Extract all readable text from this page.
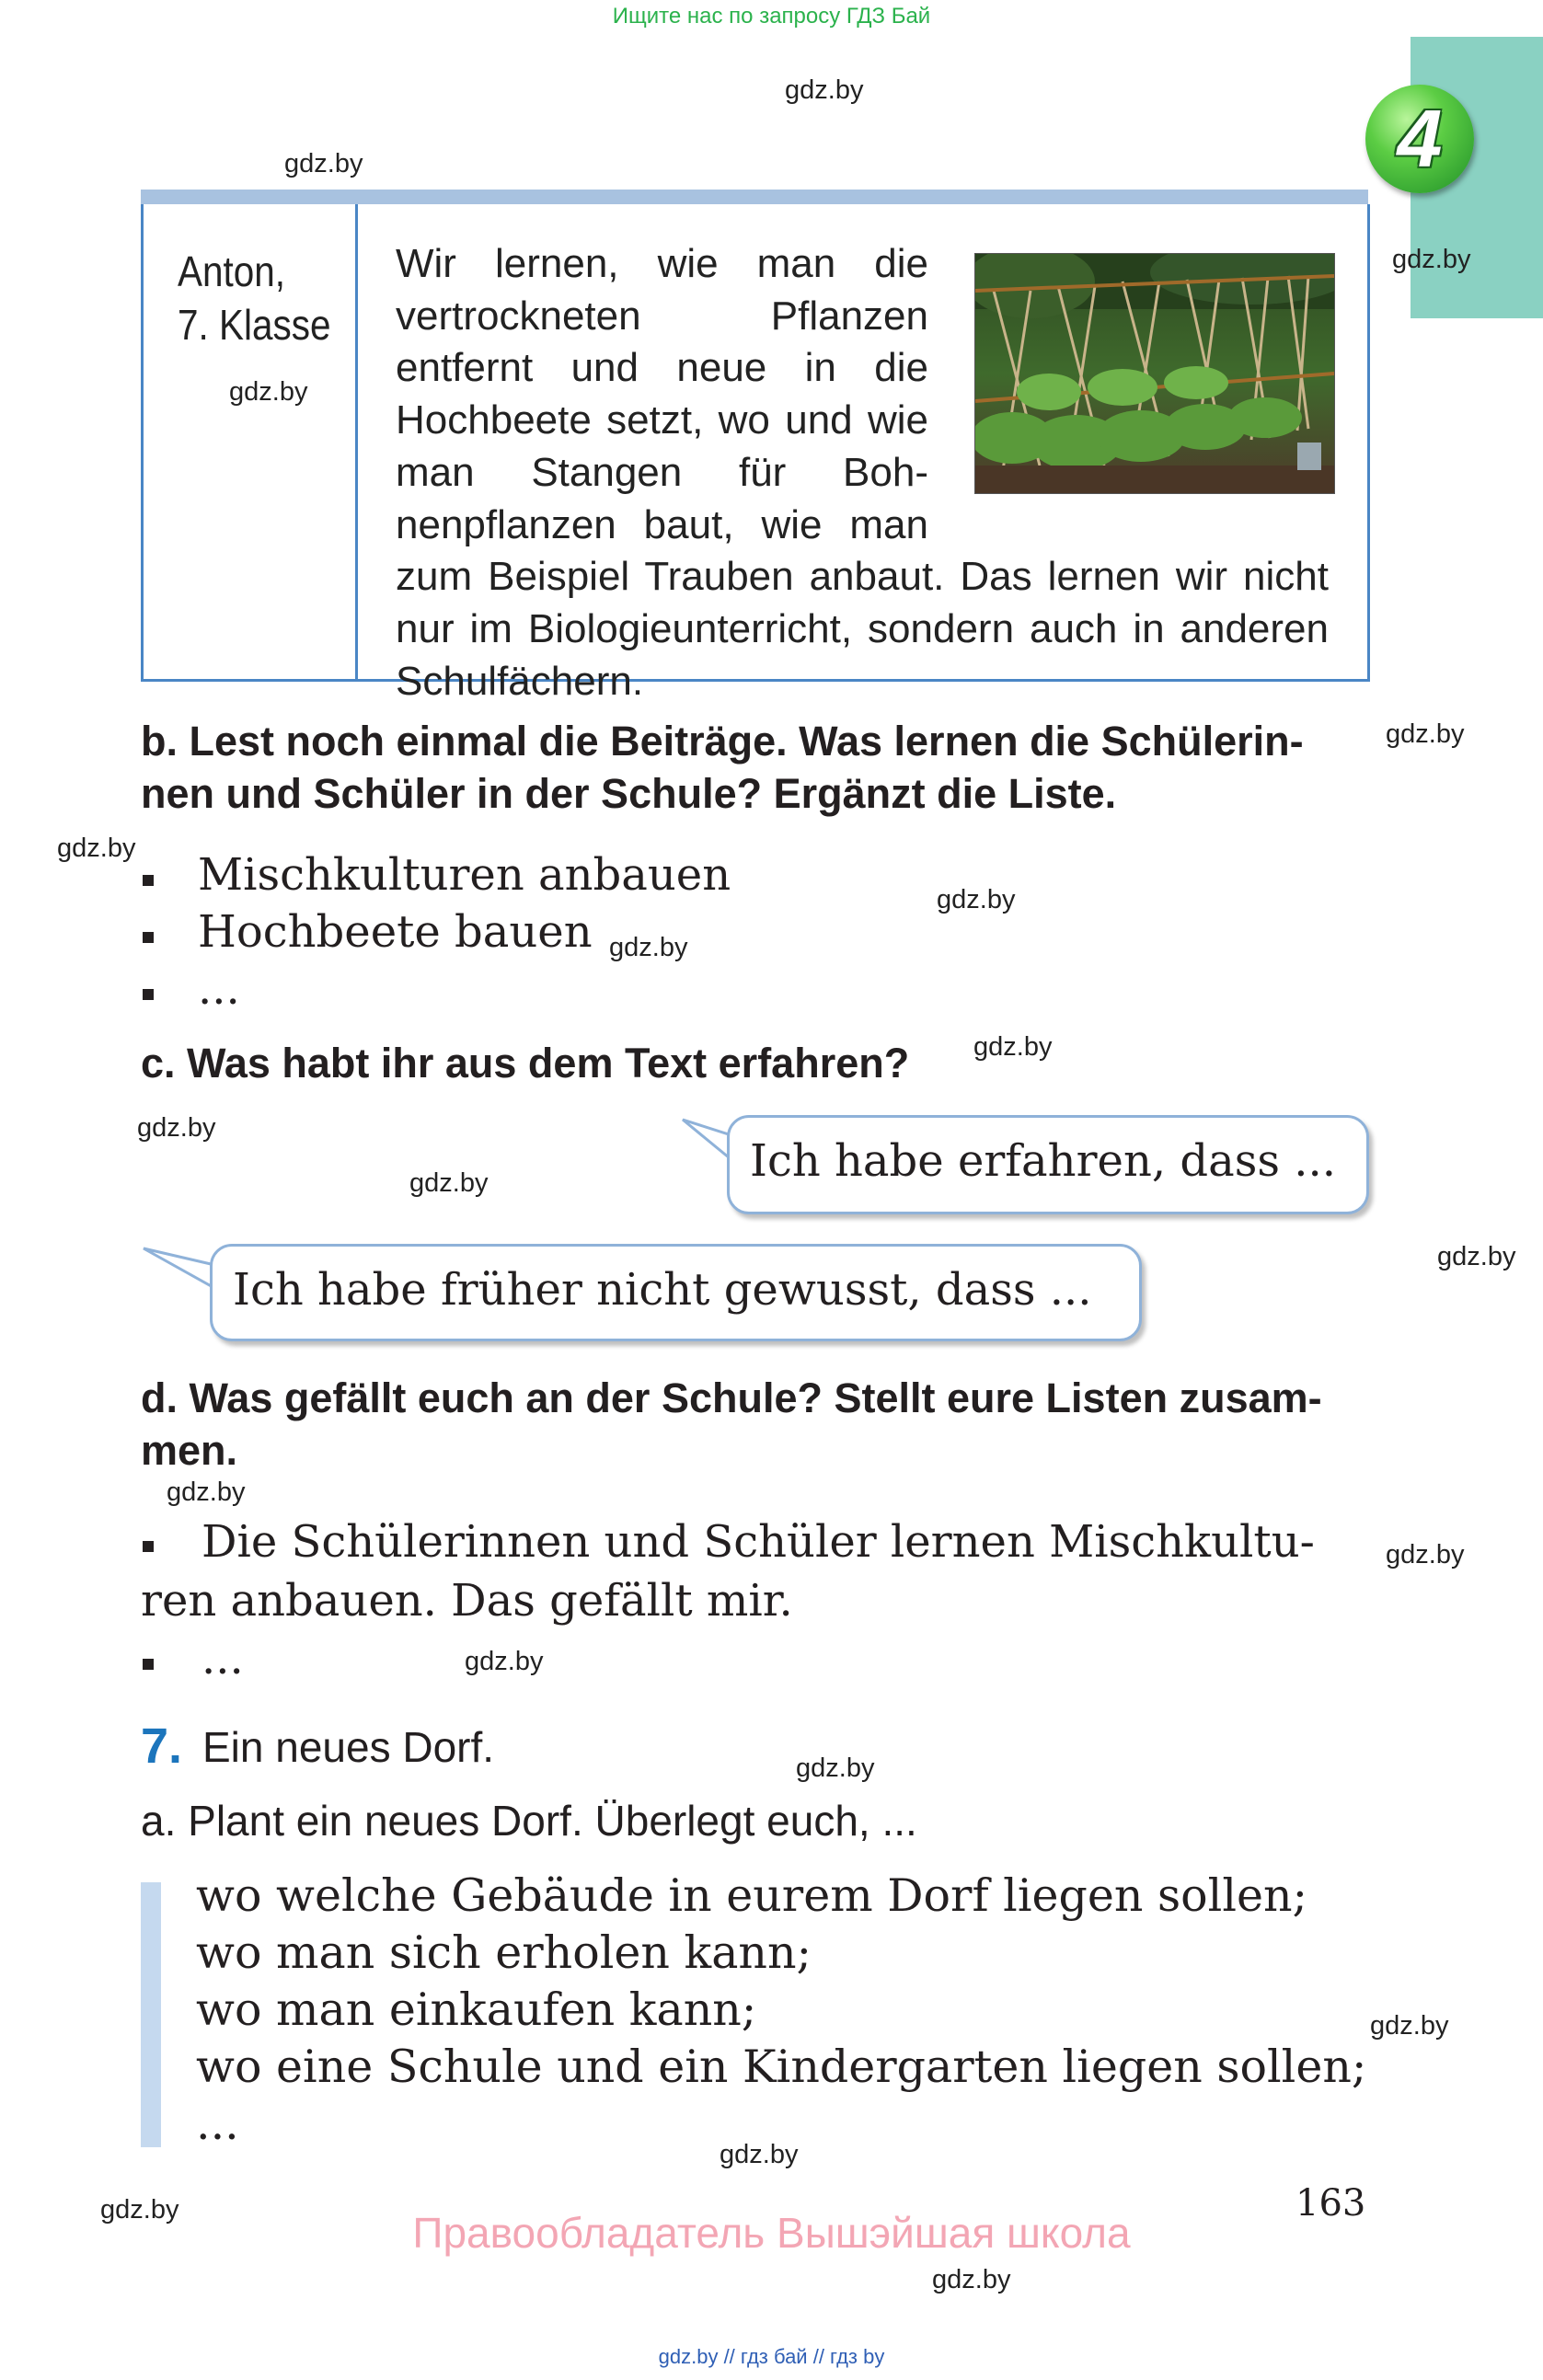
Ищите нас по запросу ГДЗ Бай
4
Anton,
7. Klasse

Wir lernen, wie man die vertrockneten Pflanzen entfernt und neue in die Hochbeete setzt, wo und wie man Stangen für Bohnenpflanzen baut, wie man zum Beispiel Trauben anbaut. Das lernen wir nicht nur im Biologieunterricht, sondern auch in anderen Schulfächern.

b. Lest noch einmal die Beiträge. Was lernen die Schülerin-
nen und Schüler in der Schule? Ergänzt die Liste.
Mischkulturen anbauen
Hochbeete bauen
...
c. Was habt ihr aus dem Text erfahren?
Ich habe erfahren, dass ...
Ich habe früher nicht gewusst, dass ...
d. Was gefällt euch an der Schule? Stellt eure Listen zusam-
men.
Die Schülerinnen und Schüler lernen Mischkultu-
ren anbauen. Das gefällt mir.
...
7. Ein neues Dorf.
a. Plant ein neues Dorf. Überlegt euch, ...
wo welche Gebäude in eurem Dorf liegen sollen;
wo man sich erholen kann;
wo man einkaufen kann;
wo eine Schule und ein Kindergarten liegen sollen;
...
163
Правообладатель Вышэйшая школа
gdz.by // гдз бай // гдз by
gdz.by
gdz.by
gdz.by
gdz.by
gdz.by
gdz.by
gdz.by
gdz.by
gdz.by
gdz.by
gdz.by
gdz.by
gdz.by
gdz.by
gdz.by
gdz.by
gdz.by
gdz.by
gdz.by
gdz.by
